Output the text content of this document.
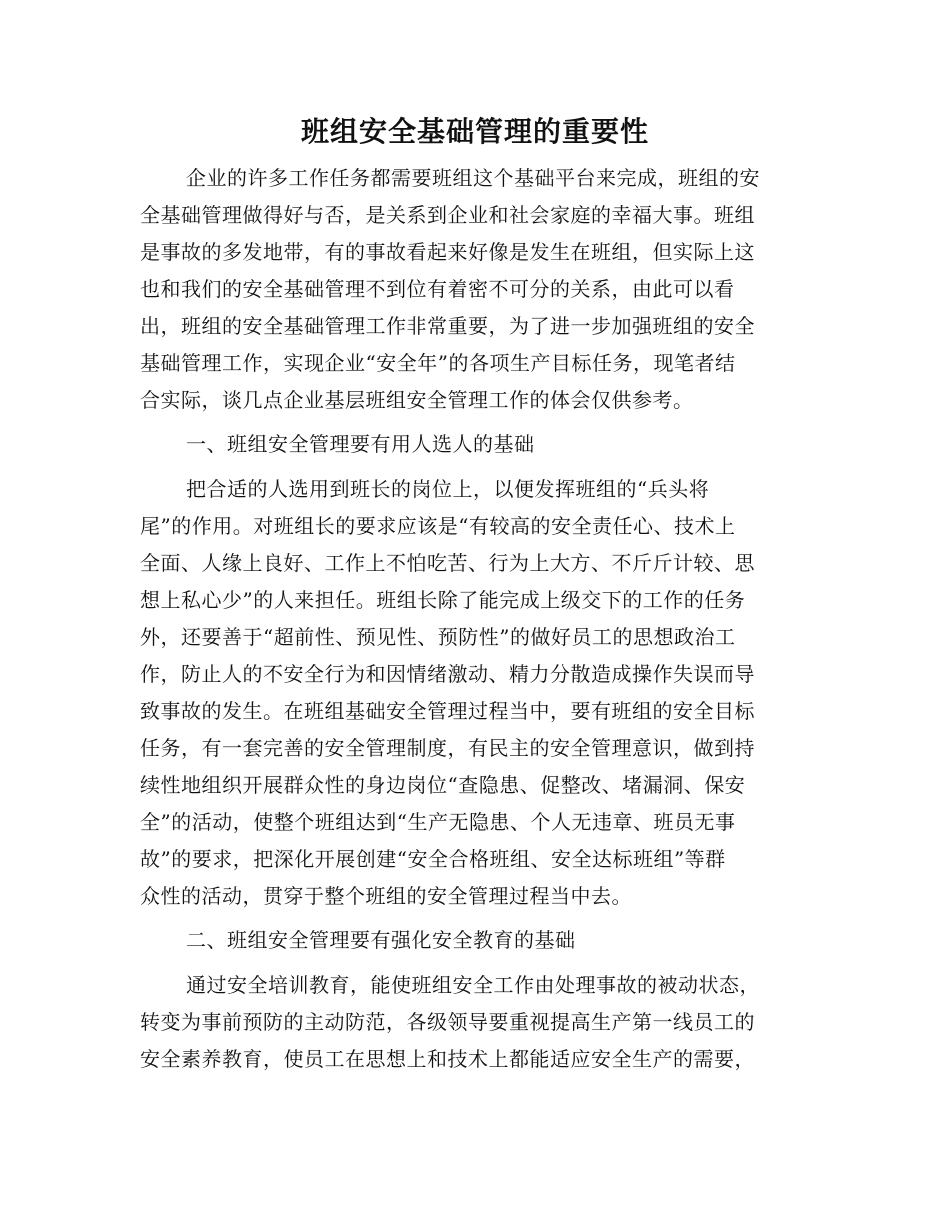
班组安全基础管理的重要性
企业的许多工作任务都需要班组这个基础平台来完成，班组的安
全基础管理做得好与否，是关系到企业和社会家庭的幸福大事。班组
是事故的多发地带，有的事故看起来好像是发生在班组，但实际上这
也和我们的安全基础管理不到位有着密不可分的关系，由此可以看
出，班组的安全基础管理工作非常重要，为了进一步加强班组的安全
基础管理工作，实现企业“安全年”的各项生产目标任务，现笔者结
合实际，谈几点企业基层班组安全管理工作的体会仅供参考。
一、班组安全管理要有用人选人的基础
把合适的人选用到班长的岗位上，以便发挥班组的“兵头将
尾”的作用。对班组长的要求应该是“有较高的安全责任心、技术上
全面、人缘上良好、工作上不怕吃苦、行为上大方、不斤斤计较、思
想上私心少”的人来担任。班组长除了能完成上级交下的工作的任务
外，还要善于“超前性、预见性、预防性”的做好员工的思想政治工
作，防止人的不安全行为和因情绪激动、精力分散造成操作失误而导
致事故的发生。在班组基础安全管理过程当中，要有班组的安全目标
任务，有一套完善的安全管理制度，有民主的安全管理意识，做到持
续性地组织开展群众性的身边岗位“查隐患、促整改、堵漏洞、保安
全”的活动，使整个班组达到“生产无隐患、个人无违章、班员无事
故”的要求，把深化开展创建“安全合格班组、安全达标班组”等群
众性的活动，贯穿于整个班组的安全管理过程当中去。
二、班组安全管理要有强化安全教育的基础
通过安全培训教育，能使班组安全工作由处理事故的被动状态，
转变为事前预防的主动防范，各级领导要重视提高生产第一线员工的
安全素养教育，使员工在思想上和技术上都能适应安全生产的需要，
